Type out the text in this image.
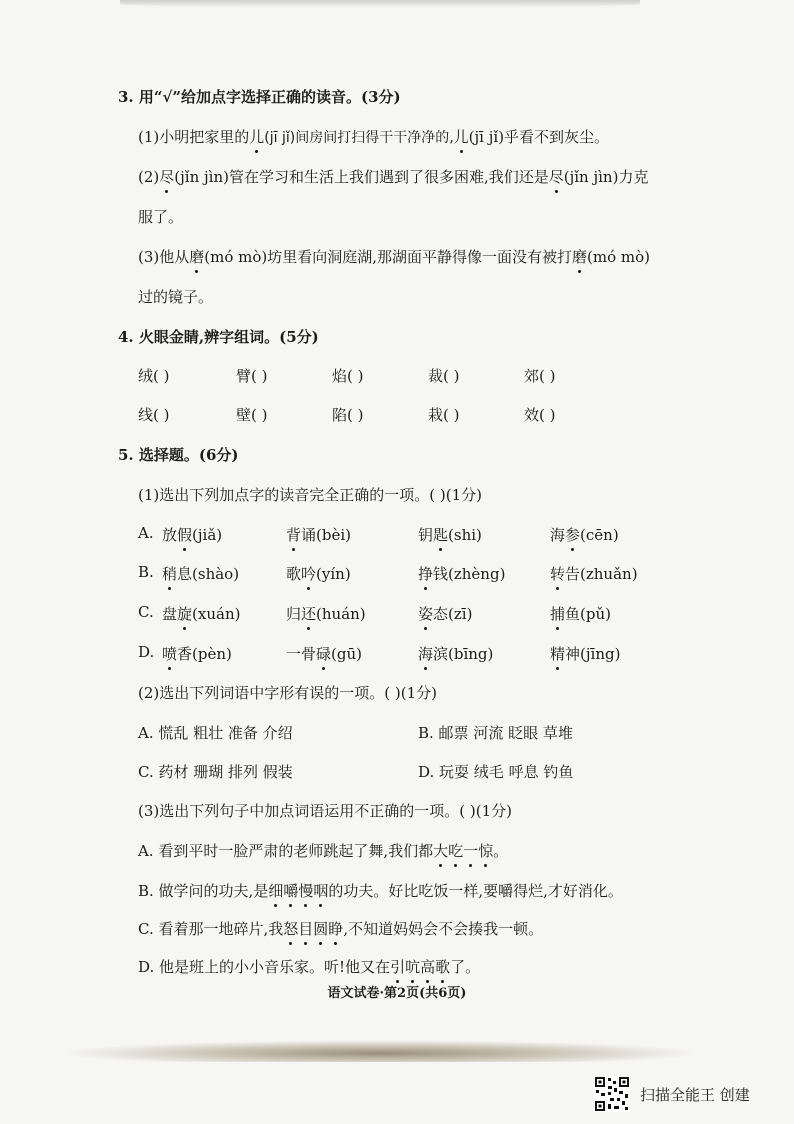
3. 用“√”给加点字选择正确的读音。(3分)
(1)小明把家里的儿(jī jǐ)间房间打扫得干干净净的,儿(jī jǐ)乎看不到灰尘。
(2)尽(jǐn jìn)管在学习和生活上我们遇到了很多困难,我们还是尽(jǐn jìn)力克
服了。
(3)他从磨(mó mò)坊里看向洞庭湖,那湖面平静得像一面没有被打磨(mó mò)
过的镜子。
4. 火眼金睛,辨字组词。(5分)
绒( )	臂( )	焰( )	裁( )	郊( )
线( )	壁( )	陷( )	栽( )	效( )
5. 选择题。(6分)
(1)选出下列加点字的读音完全正确的一项。( )(1分)
A. 放假(jiǎ)	背诵(bèi)	钥匙(shi)	海参(cēn)
B. 稍息(shào)	歌吟(yín)	挣钱(zhèng)	转告(zhuǎn)
C. 盘旋(xuán)	归还(huán)	姿态(zī)	捕鱼(pǔ)
D. 喷香(pèn)	一骨碌(gū)	海滨(bīng)	精神(jīng)
(2)选出下列词语中字形有误的一项。( )(1分)
A. 慌乱 粗壮 准备 介绍	B. 邮票 河流 眨眼 草堆
C. 药材 珊瑚 排列 假装	D. 玩耍 绒毛 呼息 钓鱼
(3)选出下列句子中加点词语运用不正确的一项。( )(1分)
A. 看到平时一脸严肃的老师跳起了舞,我们都大吃一惊。
B. 做学问的功夫,是细嚼慢咽的功夫。好比吃饭一样,要嚼得烂,才好消化。
C. 看着那一地碎片,我怒目圆睁,不知道妈妈会不会揍我一顿。
D. 他是班上的小小音乐家。听!他又在引吭高歌了。
语文试卷·第2页(共6页)
扫描全能王 创建
